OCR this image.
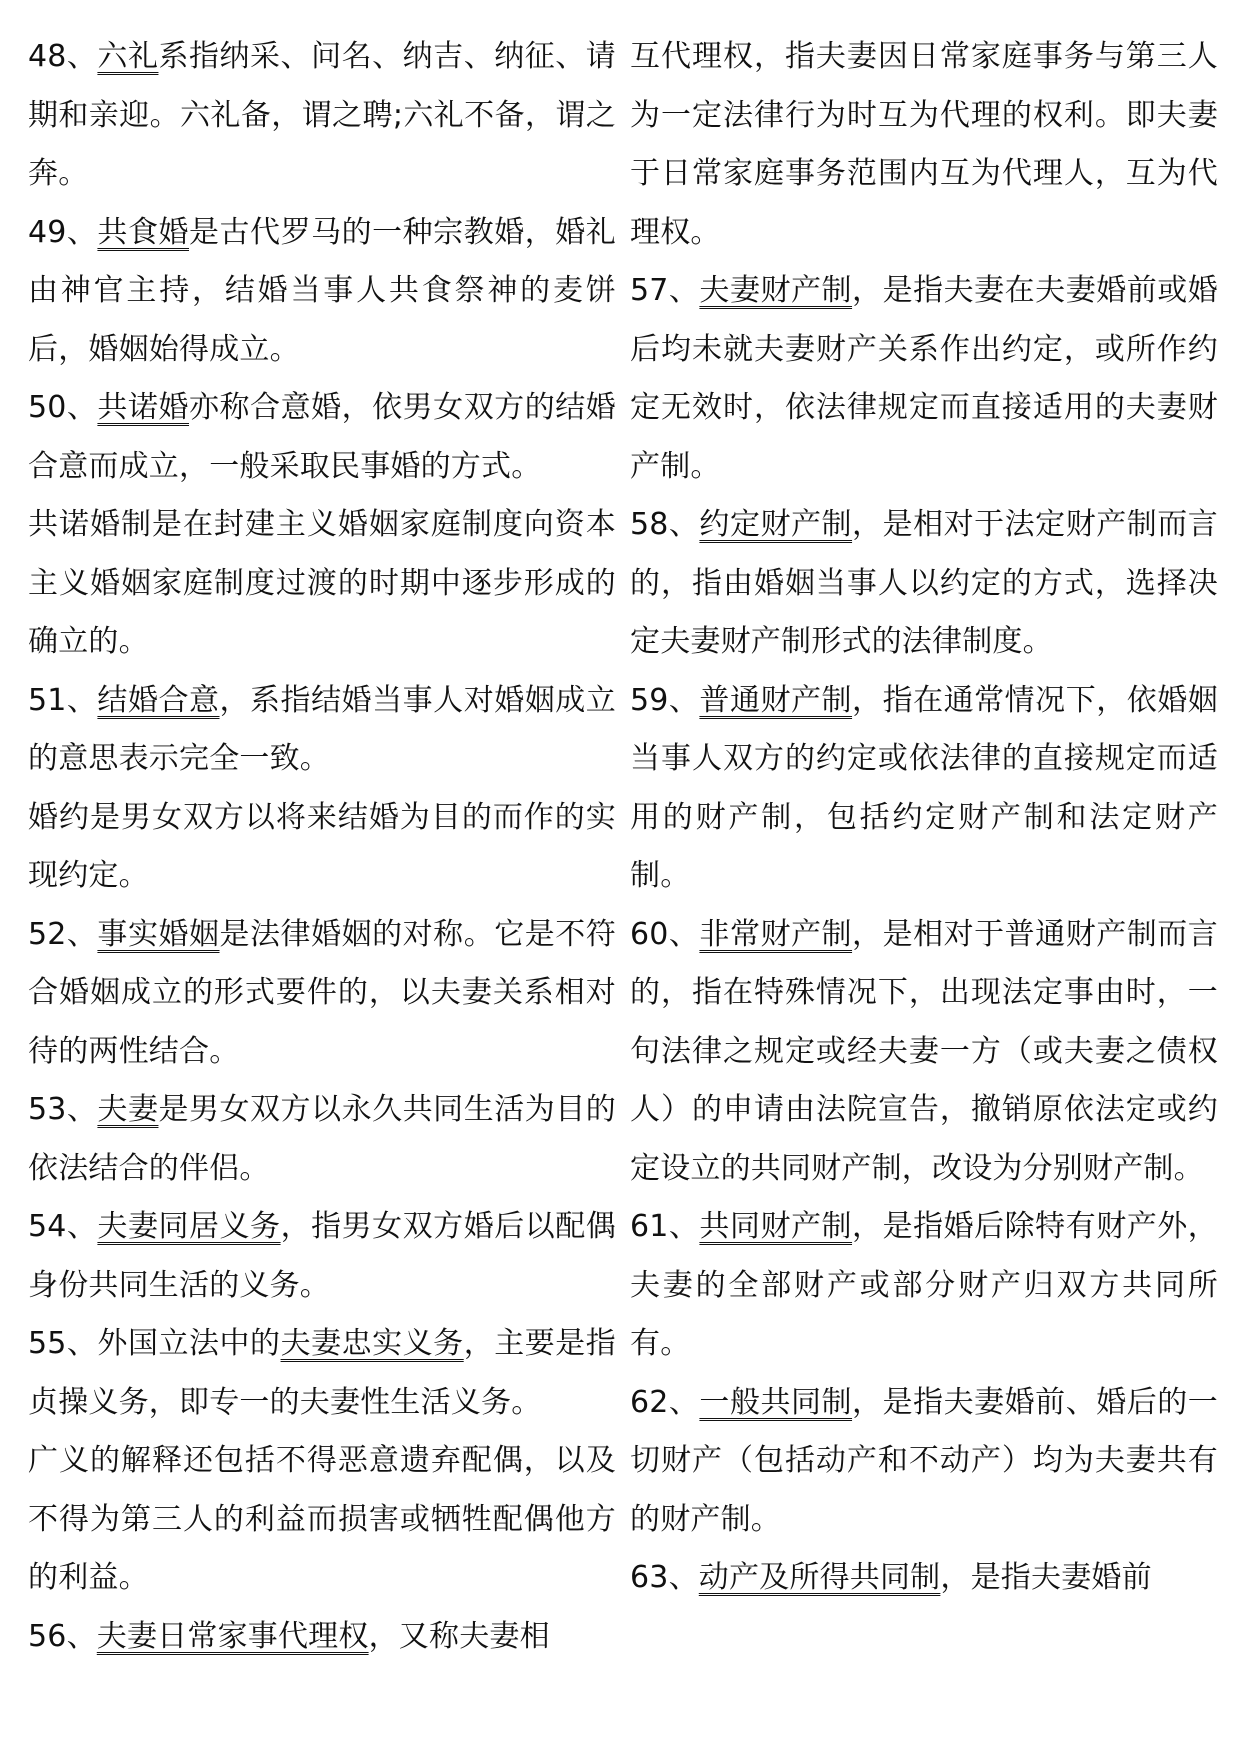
48、六礼系指纳采、问名、纳吉、纳征、请期和亲迎。六礼备，谓之聘;六礼不备，谓之奔。

49、共食婚是古代罗马的一种宗教婚，婚礼由神官主持，结婚当事人共食祭神的麦饼后，婚姻始得成立。

50、共诺婚亦称合意婚，依男女双方的结婚合意而成立，一般采取民事婚的方式。

共诺婚制是在封建主义婚姻家庭制度向资本主义婚姻家庭制度过渡的时期中逐步形成的确立的。

51、结婚合意，系指结婚当事人对婚姻成立的意思表示完全一致。

婚约是男女双方以将来结婚为目的而作的实现约定。

52、事实婚姻是法律婚姻的对称。它是不符合婚姻成立的形式要件的，以夫妻关系相对待的两性结合。

53、夫妻是男女双方以永久共同生活为目的依法结合的伴侣。

54、夫妻同居义务，指男女双方婚后以配偶身份共同生活的义务。

55、外国立法中的夫妻忠实义务，主要是指贞操义务，即专一的夫妻性生活义务。

广义的解释还包括不得恶意遗弃配偶，以及不得为第三人的利益而损害或牺牲配偶他方的利益。

56、夫妻日常家事代理权，又称夫妻相

互代理权，指夫妻因日常家庭事务与第三人为一定法律行为时互为代理的权利。即夫妻于日常家庭事务范围内互为代理人，互为代理权。

57、夫妻财产制，是指夫妻在夫妻婚前或婚后均未就夫妻财产关系作出约定，或所作约定无效时，依法律规定而直接适用的夫妻财产制。

58、约定财产制，是相对于法定财产制而言的，指由婚姻当事人以约定的方式，选择决定夫妻财产制形式的法律制度。

59、普通财产制，指在通常情况下，依婚姻当事人双方的约定或依法律的直接规定而适用的财产制，包括约定财产制和法定财产制。

60、非常财产制，是相对于普通财产制而言的，指在特殊情况下，出现法定事由时，一句法律之规定或经夫妻一方（或夫妻之债权人）的申请由法院宣告，撤销原依法定或约定设立的共同财产制，改设为分别财产制。

61、共同财产制，是指婚后除特有财产外，夫妻的全部财产或部分财产归双方共同所有。

62、一般共同制，是指夫妻婚前、婚后的一切财产（包括动产和不动产）均为夫妻共有的财产制。

63、动产及所得共同制，是指夫妻婚前
